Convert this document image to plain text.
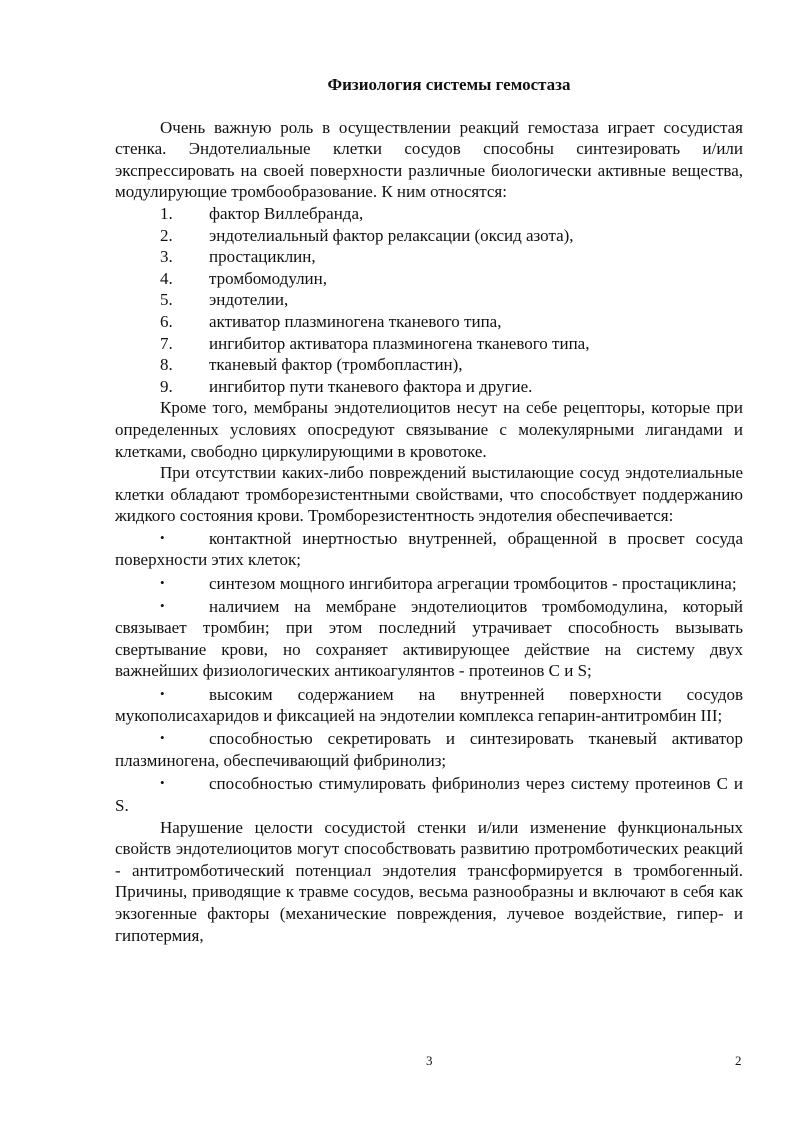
Физиология системы гемостаза

Очень важную роль в осуществлении реакций гемостаза играет сосудистая стенка. Эндотелиальные клетки сосудов способны синтезировать и/или экспрессировать на своей поверхности различные биологически активные вещества, модулирующие тромбообразование. К ним относятся:

1.	фактор Виллебранда,
2.	эндотелиальный фактор релаксации (оксид азота),
3.	простациклин,
4.	тромбомодулин,
5.	эндотелии,
6.	активатор плазминогена тканевого типа,
7.	ингибитор активатора плазминогена тканевого типа,
8.	тканевый фактор (тромбопластин),
9.	ингибитор пути тканевого фактора и другие.

Кроме того, мембраны эндотелиоцитов несут на себе рецепторы, которые при определенных условиях опосредуют связывание с молекулярными лигандами и клетками, свободно циркулирующими в кровотоке.

При отсутствии каких-либо повреждений выстилающие сосуд эндотелиальные клетки обладают тромборезистентными свойствами, что способствует поддержанию жидкого состояния крови. Тромборезистентность эндотелия обеспечивается:

•	контактной инертностью внутренней, обращенной в просвет сосуда поверхности этих клеток;
•	синтезом мощного ингибитора агрегации тромбоцитов - простациклина;
•	наличием на мембране эндотелиоцитов тромбомодулина, который связывает тромбин; при этом последний утрачивает способность вызывать свертывание крови, но сохраняет активирующее действие на систему двух важнейших физиологических антикоагулянтов - протеинов С и S;
•	высоким содержанием на внутренней поверхности сосудов мукополисахаридов и фиксацией на эндотелии комплекса гепарин-антитромбин III;
•	способностью секретировать и синтезировать тканевый активатор плазминогена, обеспечивающий фибринолиз;
•	способностью стимулировать фибринолиз через систему протеинов С и S.

Нарушение целости сосудистой стенки и/или изменение функциональных свойств эндотелиоцитов могут способствовать развитию протромботических реакций - антитромботический потенциал эндотелия трансформируется в тромбогенный. Причины, приводящие к травме сосудов, весьма разнообразны и включают в себя как экзогенные факторы (механические повреждения, лучевое воздействие, гипер- и гипотермия,

3	2
